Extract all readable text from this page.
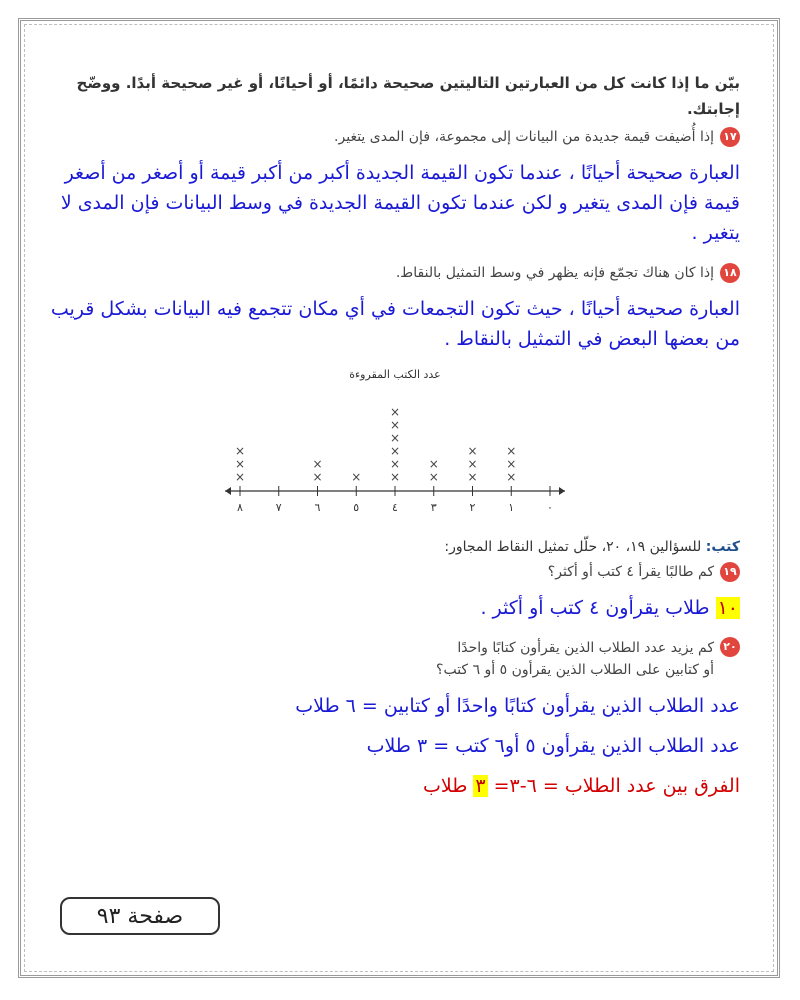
بيّن ما إذا كانت كل من العبارتين التاليتين صحيحة دائمًا، أو أحيانًا، أو غير صحيحة أبدًا. ووضّح إجابتك.

١٧
إذا أُضيفت قيمة جديدة من البيانات إلى مجموعة، فإن المدى يتغير.

العبارة صحيحة أحيانًا ، عندما تكون القيمة الجديدة أكبر من أكبر قيمة أو أصغر من أصغر قيمة فإن المدى يتغير و لكن عندما تكون القيمة الجديدة في وسط البيانات فإن المدى لا يتغير .

١٨
إذا كان هناك تجمّع فإنه يظهر في وسط التمثيل بالنقاط.

العبارة صحيحة أحيانًا ، حيث تكون التجمعات في أي مكان تتجمع فيه البيانات بشكل قريب من بعضها البعض في التمثيل بالنقاط .

عدد الكتب المقروءة

٠
١
×
×
×
٢
×
×
×
٣
×
×
٤
×
×
×
×
×
×
٥
×
٦
×
×
٧
٨
×
×
×
كتب: للسؤالين ١٩، ٢٠، حلّل تمثيل النقاط المجاور:
١٩
كم طالبًا يقرأ ٤ كتب أو أكثر؟

١٠ طلاب يقرأون ٤ كتب أو أكثر .

٢٠
كم يزيد عدد الطلاب الذين يقرأون كتابًا واحدًا
أو كتابين على الطلاب الذين يقرأون ٥ أو ٦ كتب؟

عدد الطلاب الذين يقرأون كتابًا واحدًا أو كتابين = ٦ طلاب

عدد الطلاب الذين يقرأون ٥ أو٦ كتب = ٣ طلاب

الفرق بين عدد الطلاب = ٦-٣= ٣ طلاب

صفحة ٩٣
